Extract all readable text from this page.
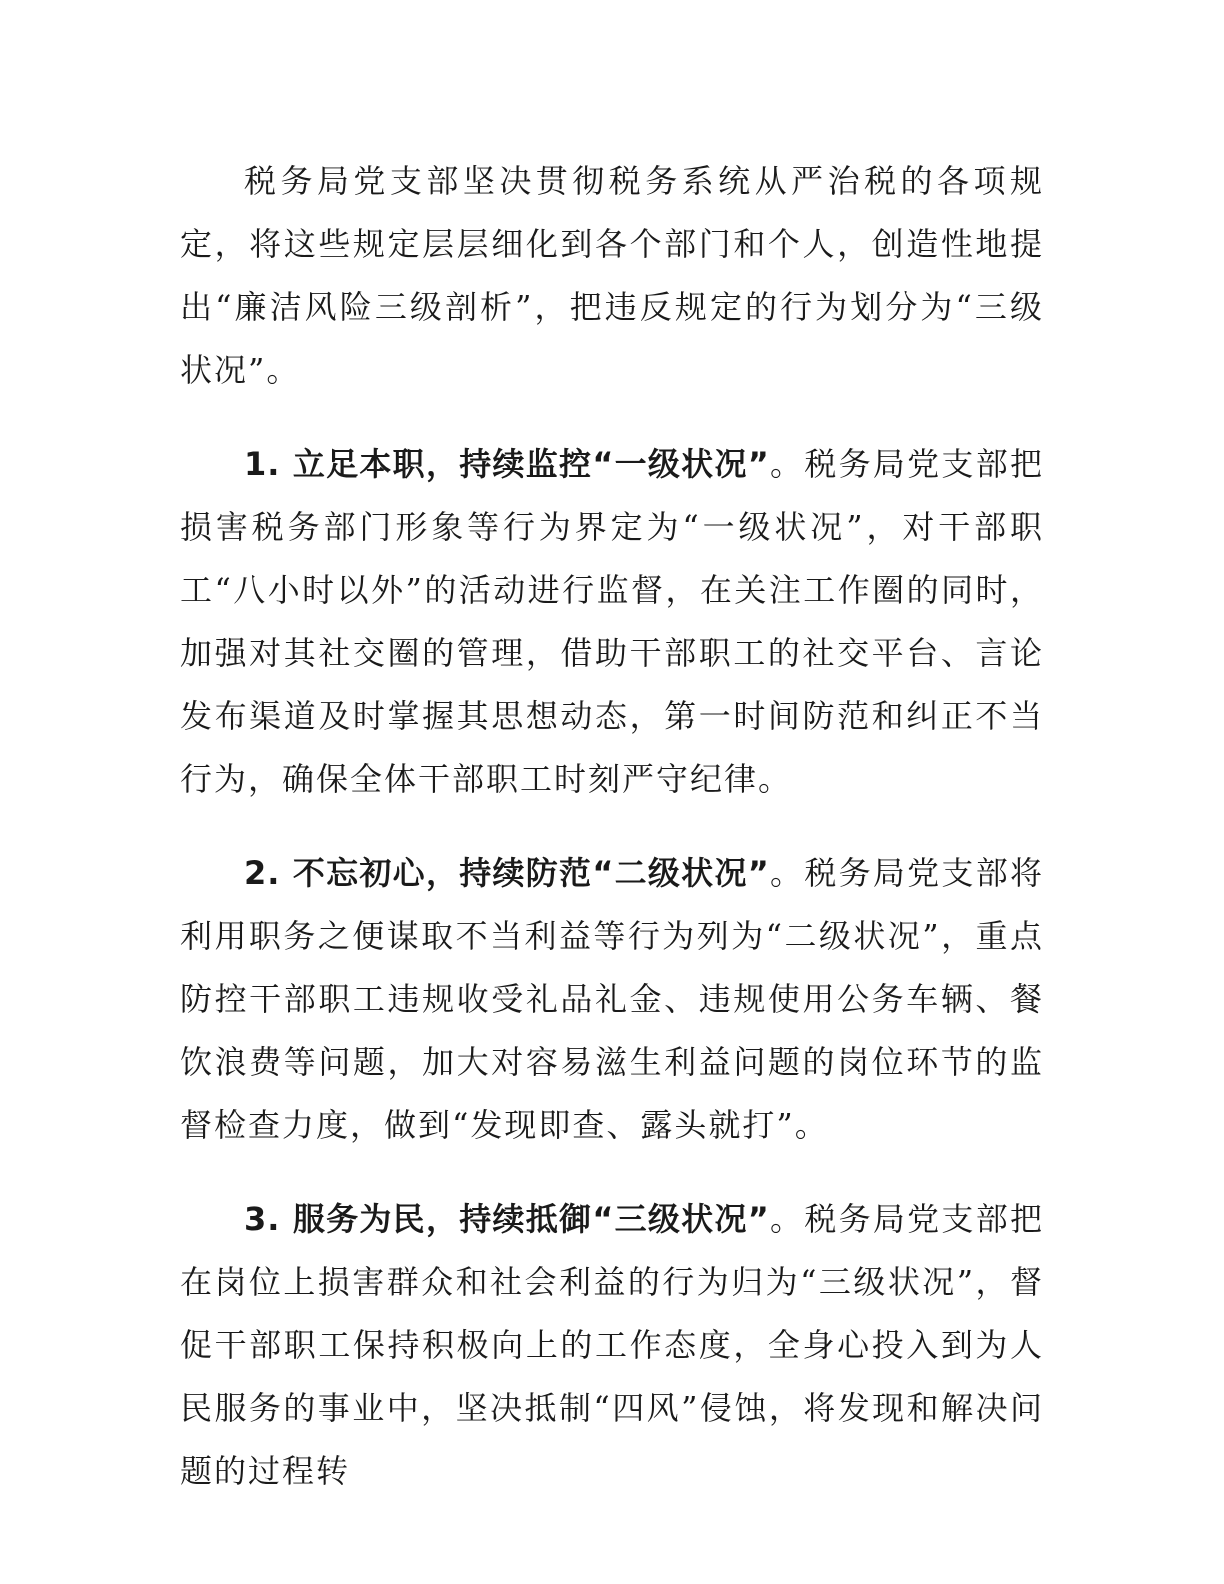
税务局党支部坚决贯彻税务系统从严治税的各项规定，将这些规定层层细化到各个部门和个人，创造性地提出“廉洁风险三级剖析”，把违反规定的行为划分为“三级状况”。

1. 立足本职，持续监控“一级状况”。税务局党支部把损害税务部门形象等行为界定为“一级状况”，对干部职工“八小时以外”的活动进行监督，在关注工作圈的同时，加强对其社交圈的管理，借助干部职工的社交平台、言论发布渠道及时掌握其思想动态，第一时间防范和纠正不当行为，确保全体干部职工时刻严守纪律。

2. 不忘初心，持续防范“二级状况”。税务局党支部将利用职务之便谋取不当利益等行为列为“二级状况”，重点防控干部职工违规收受礼品礼金、违规使用公务车辆、餐饮浪费等问题，加大对容易滋生利益问题的岗位环节的监督检查力度，做到“发现即查、露头就打”。

3. 服务为民，持续抵御“三级状况”。税务局党支部把在岗位上损害群众和社会利益的行为归为“三级状况”，督促干部职工保持积极向上的工作态度，全身心投入到为人民服务的事业中，坚决抵制“四风”侵蚀，将发现和解决问题的过程转
